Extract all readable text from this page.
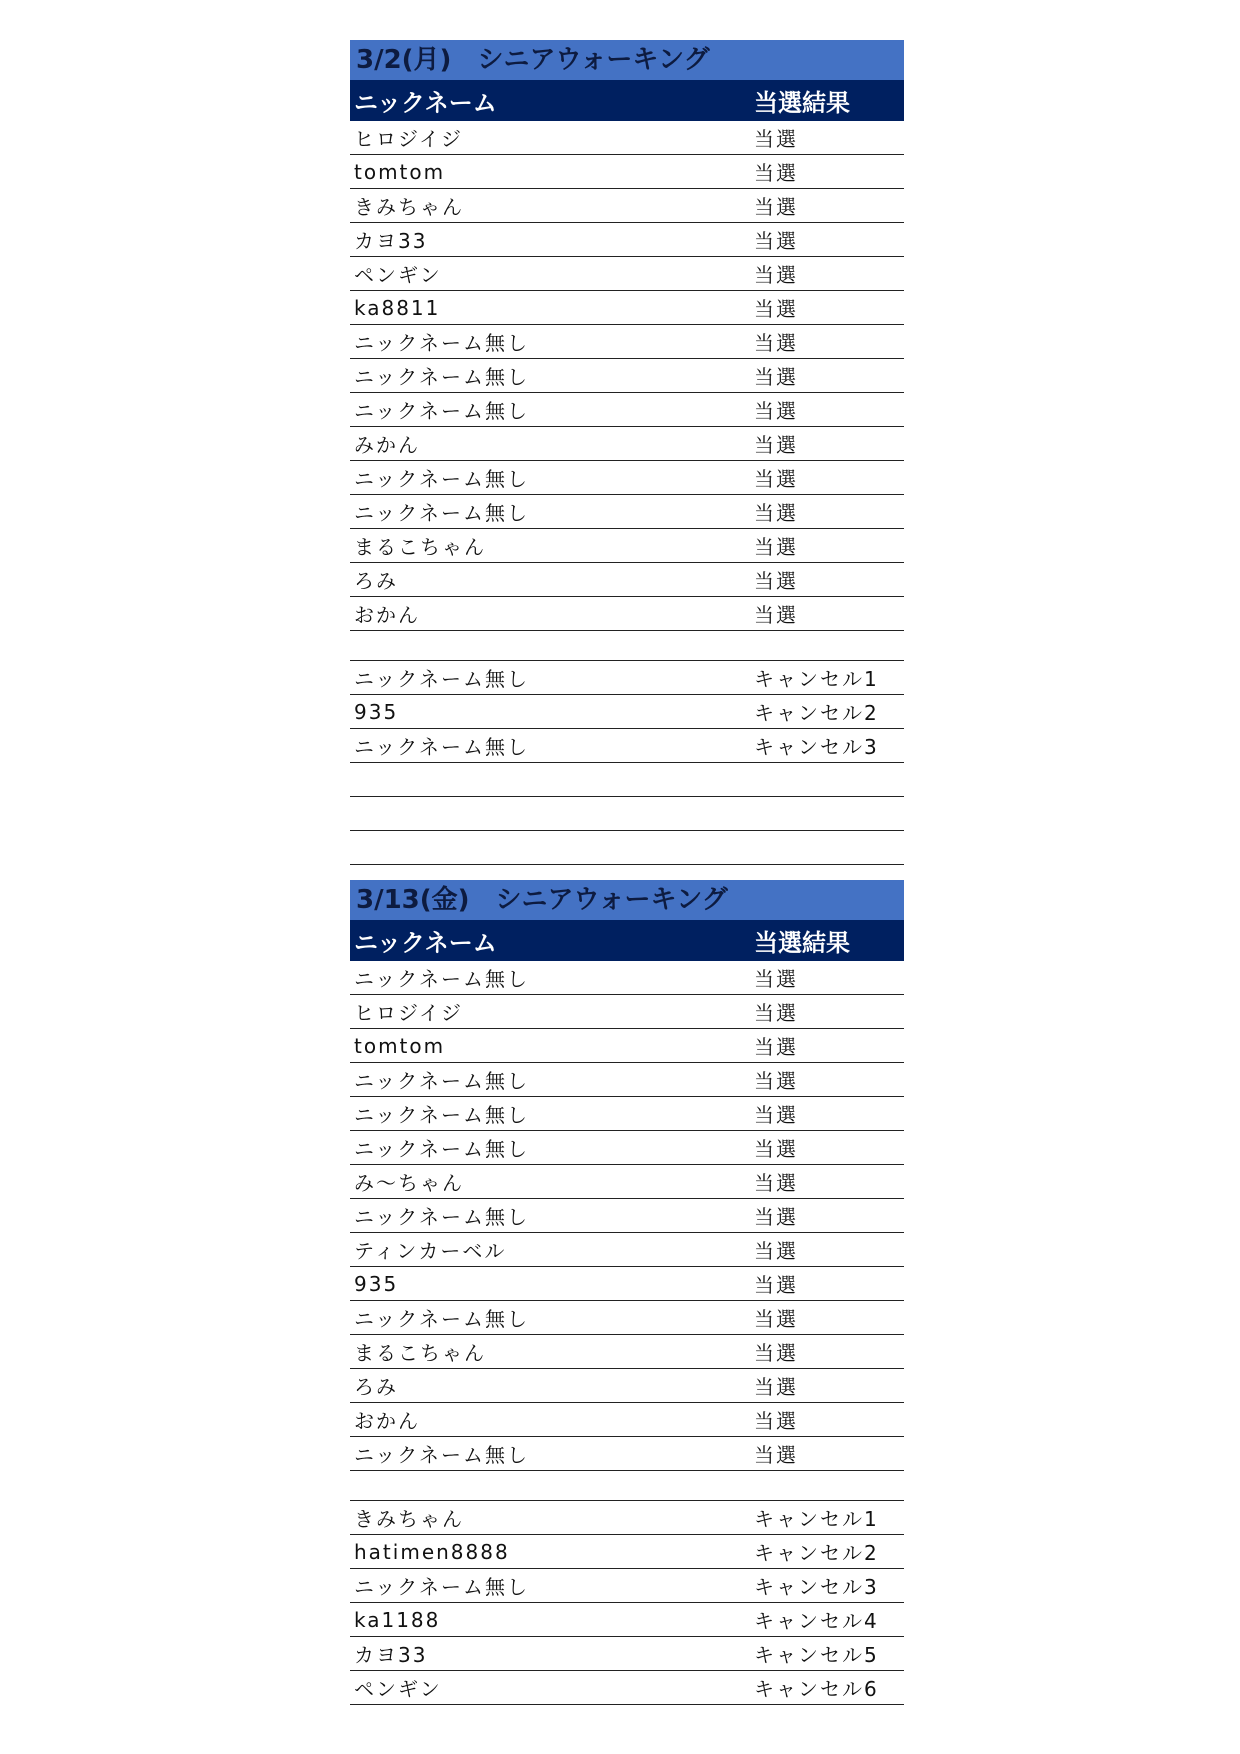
3/2(月)　シニアウォーキング
ニックネーム	当選結果
ヒロジイジ	当選
tomtom	当選
きみちゃん	当選
カヨ33	当選
ペンギン	当選
ka8811	当選
ニックネーム無し	当選
ニックネーム無し	当選
ニックネーム無し	当選
みかん	当選
ニックネーム無し	当選
ニックネーム無し	当選
まるこちゃん	当選
ろみ	当選
おかん	当選
ニックネーム無し	キャンセル1
935	キャンセル2
ニックネーム無し	キャンセル3
3/13(金)　シニアウォーキング
ニックネーム	当選結果
ニックネーム無し	当選
ヒロジイジ	当選
tomtom	当選
ニックネーム無し	当選
ニックネーム無し	当選
ニックネーム無し	当選
み～ちゃん	当選
ニックネーム無し	当選
ティンカーベル	当選
935	当選
ニックネーム無し	当選
まるこちゃん	当選
ろみ	当選
おかん	当選
ニックネーム無し	当選
きみちゃん	キャンセル1
hatimen8888	キャンセル2
ニックネーム無し	キャンセル3
ka1188	キャンセル4
カヨ33	キャンセル5
ペンギン	キャンセル6
